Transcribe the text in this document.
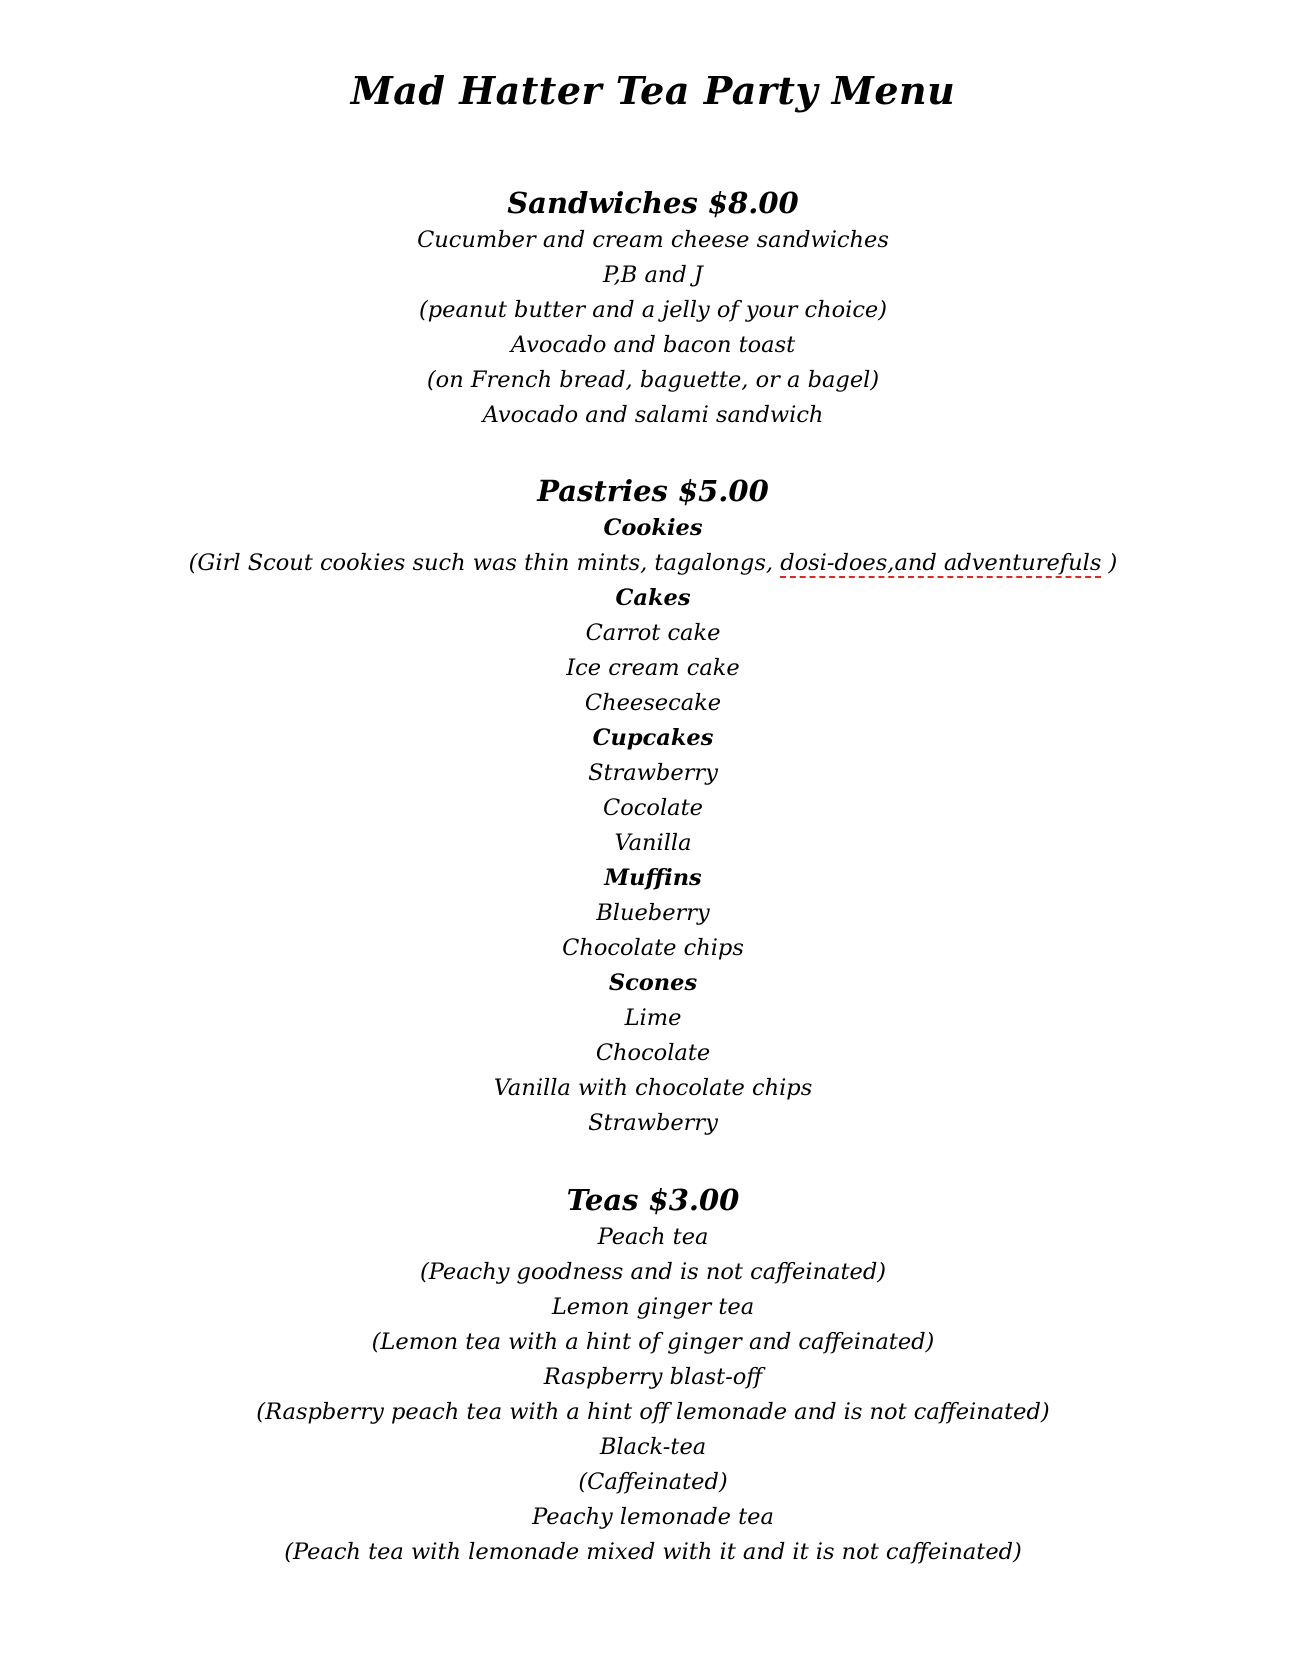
Mad Hatter Tea Party Menu
Sandwiches $8.00
Cucumber and cream cheese sandwiches
P,B and J
(peanut butter and a jelly of your choice)
Avocado and bacon toast
(on French bread, baguette, or a bagel)
Avocado and salami sandwich
Pastries $5.00
Cookies
(Girl Scout cookies such was thin mints, tagalongs, dosi-does,and adventurefuls )
Cakes
Carrot cake
Ice cream cake
Cheesecake
Cupcakes
Strawberry
Cocolate
Vanilla
Muffins
Blueberry
Chocolate chips
Scones
Lime
Chocolate
Vanilla with chocolate chips
Strawberry
Teas $3.00
Peach tea
(Peachy goodness and is not caffeinated)
Lemon ginger tea
(Lemon tea with a hint of ginger and caffeinated)
Raspberry blast-off
(Raspberry peach tea with a hint off lemonade and is not caffeinated)
Black-tea
(Caffeinated)
Peachy lemonade tea
(Peach tea with lemonade mixed with it and it is not caffeinated)
